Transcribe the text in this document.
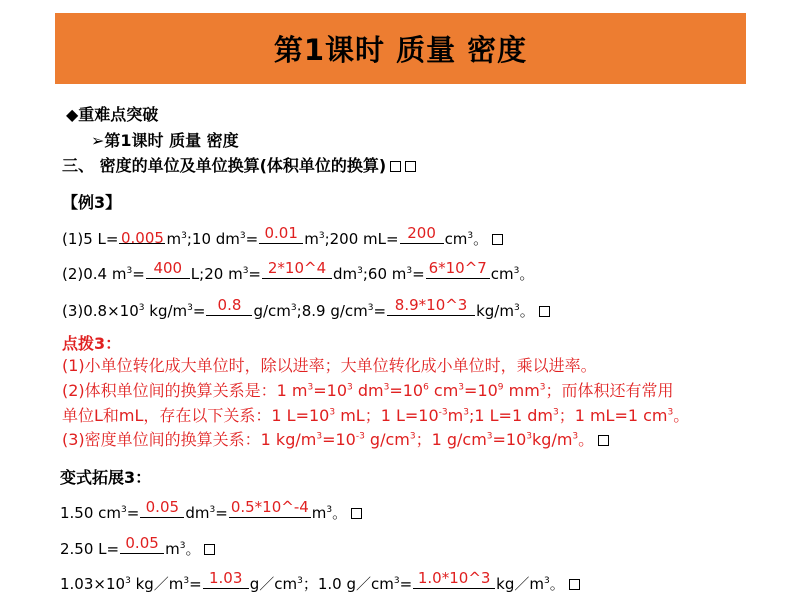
第1课时 质量 密度
◆重难点突破
➢第1课时 质量 密度
三、 密度的单位及单位换算(体积单位的换算)
【例3】
(1)5 L= 0.005 $m^3;10$ $dm^3= 0.01$ $m^3;200$ mL= 200 $cm^3$。
(2)0.4 $m^3= 400$ L;20 $m^3=$ 2*10^4 $dm^3;60$ $m^3=$ 6*10^7 $cm^3$。
$(3)0.8\times 10^3$ $kg/m^3= 0.8$ $g/cm^3;8.9$ $g/cm^3=$ 8.9*10^3 $kg/m^3$。
点拨3：
(1)小单位转化成大单位时，除以进率；大单位转化成小单位时，乘以进率。
(2)体积单位间的换算关系是：1 $m^3=10^3$ $dm^3=10^6$ $cm^3=10^9$ $mm^3$；而体积还有常用
单位L和mL，存在以下关系：1 $L=10^3$ mL；1 $L=10^{-3}m^3;1$ L=1 $dm^3$；1 mL=1 $cm^3$。
(3)密度单位间的换算关系：1 $kg/m^3=10^{-3}$ $g/cm^3$；1 $g/cm^3=10^3kg/m^3$。
变式拓展3：
1.50 $cm^3= 0.05$ $dm^3=$ 0.5*10^-4 $m^3$。
2.50 L= 0.05 $m^3$。
$1.03\times 10^3$ $kg/m^3= 1.03$ $g/cm^3$；1.0 $g/cm^3=$ 1.0*10^3 $kg/m^3$。
